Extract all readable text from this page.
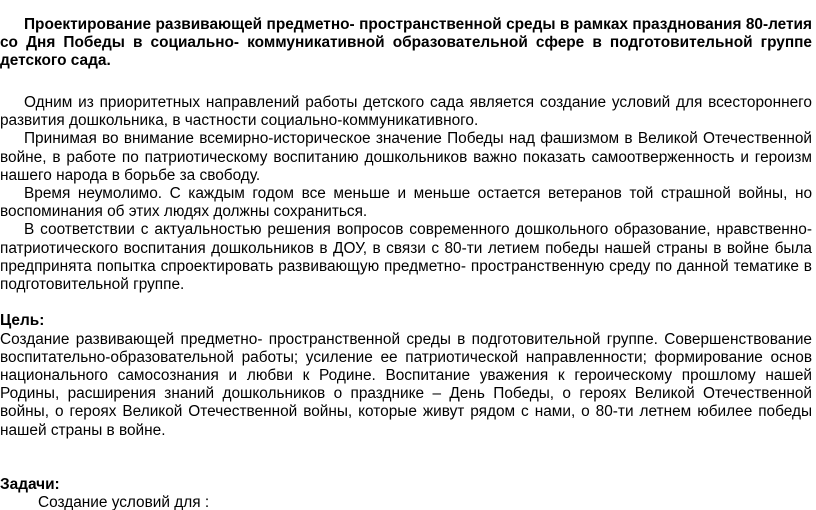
Проектирование развивающей предметно- пространственной среды в рамках празднования 80-летия со Дня Победы в социально- коммуникативной образовательной сфере в подготовительной группе детского сада.

Одним из приоритетных направлений работы детского сада является создание условий для всестороннего развития дошкольника, в частности социально-коммуникативного.

Принимая во внимание всемирно-историческое значение Победы над фашизмом в Великой Отечественной войне, в работе по патриотическому воспитанию дошкольников важно показать самоотверженность и героизм нашего народа в борьбе за свободу.

Время неумолимо. С каждым годом все меньше и меньше остается ветеранов той страшной войны, но воспоминания об этих людях должны сохраниться.

В соответствии с актуальностью решения вопросов современного дошкольного образование, нравственно-патриотического воспитания дошкольников в ДОУ, в связи с 80-ти летием победы нашей страны в войне была предпринята попытка спроектировать развивающую предметно- пространственную среду по данной тематике в подготовительной группе.

Цель:

Создание развивающей предметно- пространственной среды в подготовительной группе. Совершенствование воспитательно-образовательной работы; усиление ее патриотической направленности; формирование основ национального самосознания и любви к Родине. Воспитание уважения к героическому прошлому нашей Родины, расширения знаний дошкольников о празднике – День Победы, о героях Великой Отечественной войны, о героях Великой Отечественной войны, которые живут рядом с нами, о 80-ти летнем юбилее победы нашей страны в войне.

Задачи:

Создание условий для :
